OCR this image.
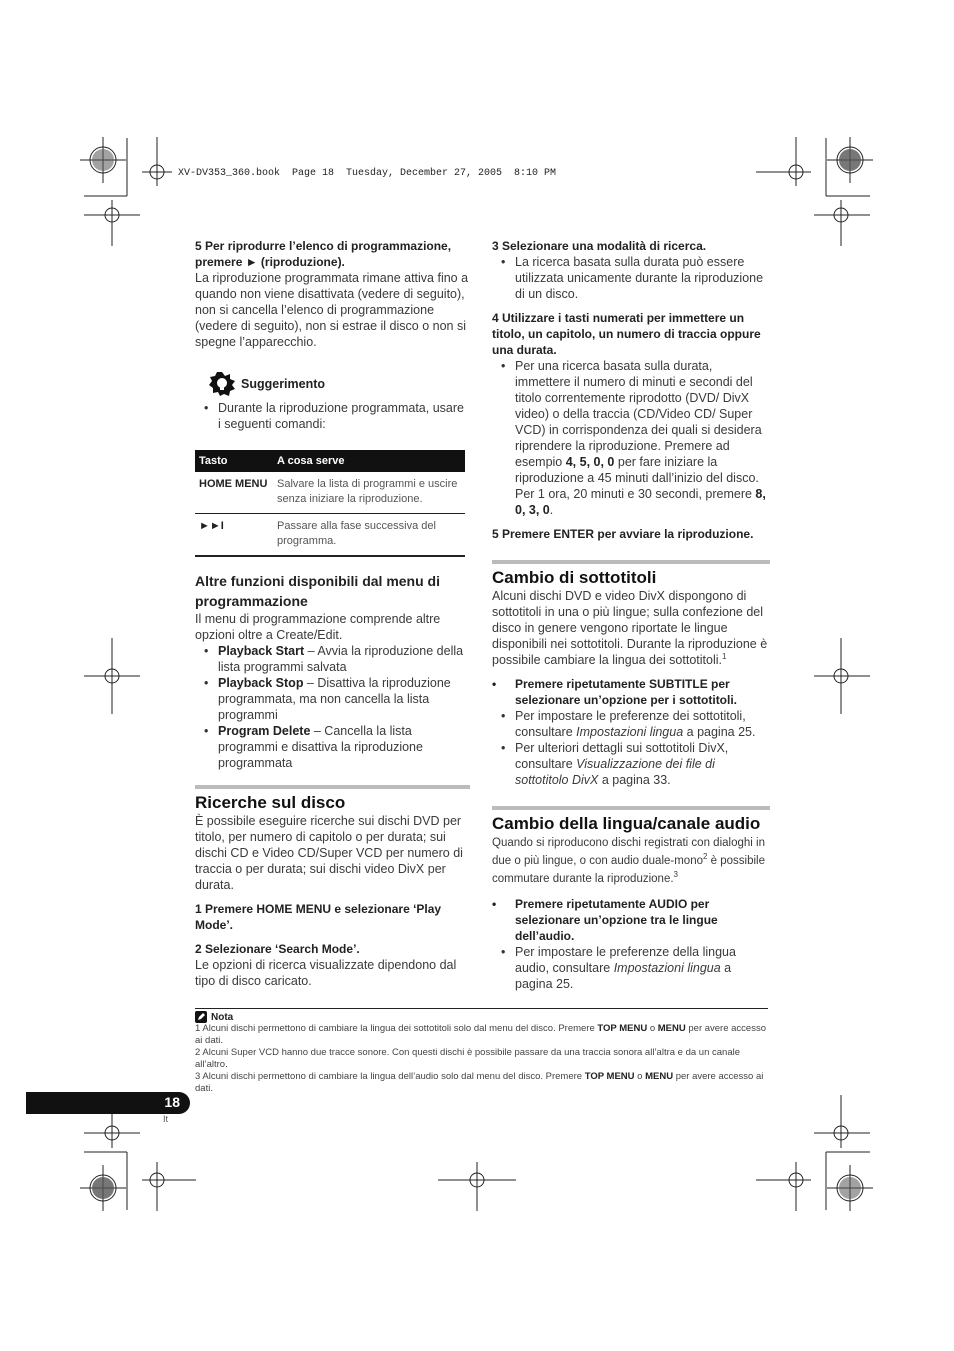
XV-DV353_360.book  Page 18  Tuesday, December 27, 2005  8:10 PM

5 Per riprodurre l’elenco di programmazione, premere ► (riproduzione).

La riproduzione programmata rimane attiva fino a quando non viene disattivata (vedere di seguito), non si cancella l’elenco di programmazione (vedere di seguito), non si estrae il disco o non si spegne l’apparecchio.

Suggerimento
• Durante la riproduzione programmata, usare i seguenti comandi:
Tasto	A cosa serve
HOME MENU	Salvare la lista di programmi e uscire senza iniziare la riproduzione.
►►I	Passare alla fase successiva del programma.

Altre funzioni disponibili dal menu di programmazione

Il menu di programmazione comprende altre opzioni oltre a Create/Edit.

• Playback Start – Avvia la riproduzione della lista programmi salvata
• Playback Stop – Disattiva la riproduzione programmata, ma non cancella la lista programmi
• Program Delete – Cancella la lista programmi e disattiva la riproduzione programmata

Ricerche sul disco

È possibile eseguire ricerche sui dischi DVD per titolo, per numero di capitolo o per durata; sui dischi CD e Video CD/Super VCD per numero di traccia o per durata; sui dischi video DivX per durata.

1 Premere HOME MENU e selezionare ‘Play Mode’.

2 Selezionare ‘Search Mode’.

Le opzioni di ricerca visualizzate dipendono dal tipo di disco caricato.

3 Selezionare una modalità di ricerca.

• La ricerca basata sulla durata può essere utilizzata unicamente durante la riproduzione di un disco.

4 Utilizzare i tasti numerati per immettere un titolo, un capitolo, un numero di traccia oppure una durata.

• Per una ricerca basata sulla durata, immettere il numero di minuti e secondi del titolo correntemente riprodotto (DVD/ DivX video) o della traccia (CD/Video CD/ Super VCD) in corrispondenza dei quali si desidera riprendere la riproduzione. Premere ad esempio 4, 5, 0, 0 per fare iniziare la riproduzione a 45 minuti dall’inizio del disco. Per 1 ora, 20 minuti e 30 secondi, premere 8, 0, 3, 0.

5 Premere ENTER per avviare la riproduzione.

Cambio di sottotitoli

Alcuni dischi DVD e video DivX dispongono di sottotitoli in una o più lingue; sulla confezione del disco in genere vengono riportate le lingue disponibili nei sottotitoli. Durante la riproduzione è possibile cambiare la lingua dei sottotitoli.$^1$

• Premere ripetutamente SUBTITLE per selezionare un’opzione per i sottotitoli.

• Per impostare le preferenze dei sottotitoli, consultare Impostazioni lingua a pagina 25.
• Per ulteriori dettagli sui sottotitoli DivX, consultare Visualizzazione dei file di sottotitolo DivX a pagina 33.

Cambio della lingua/canale audio

Quando si riproducono dischi registrati con dialoghi in due o più lingue, o con audio duale-mono$^2$ è possibile commutare durante la riproduzione.$^3$

• Premere ripetutamente AUDIO per selezionare un’opzione tra le lingue dell’audio.

• Per impostare le preferenze della lingua audio, consultare Impostazioni lingua a pagina 25.
Nota

1 Alcuni dischi permettono di cambiare la lingua dei sottotitoli solo dal menu del disco. Premere TOP MENU o MENU per avere accesso ai dati.

2 Alcuni Super VCD hanno due tracce sonore. Con questi dischi è possibile passare da una traccia sonora all’altra e da un canale all’altro.

3 Alcuni dischi permettono di cambiare la lingua dell’audio solo dal menu del disco. Premere TOP MENU o MENU per avere accesso ai dati.

18
It
